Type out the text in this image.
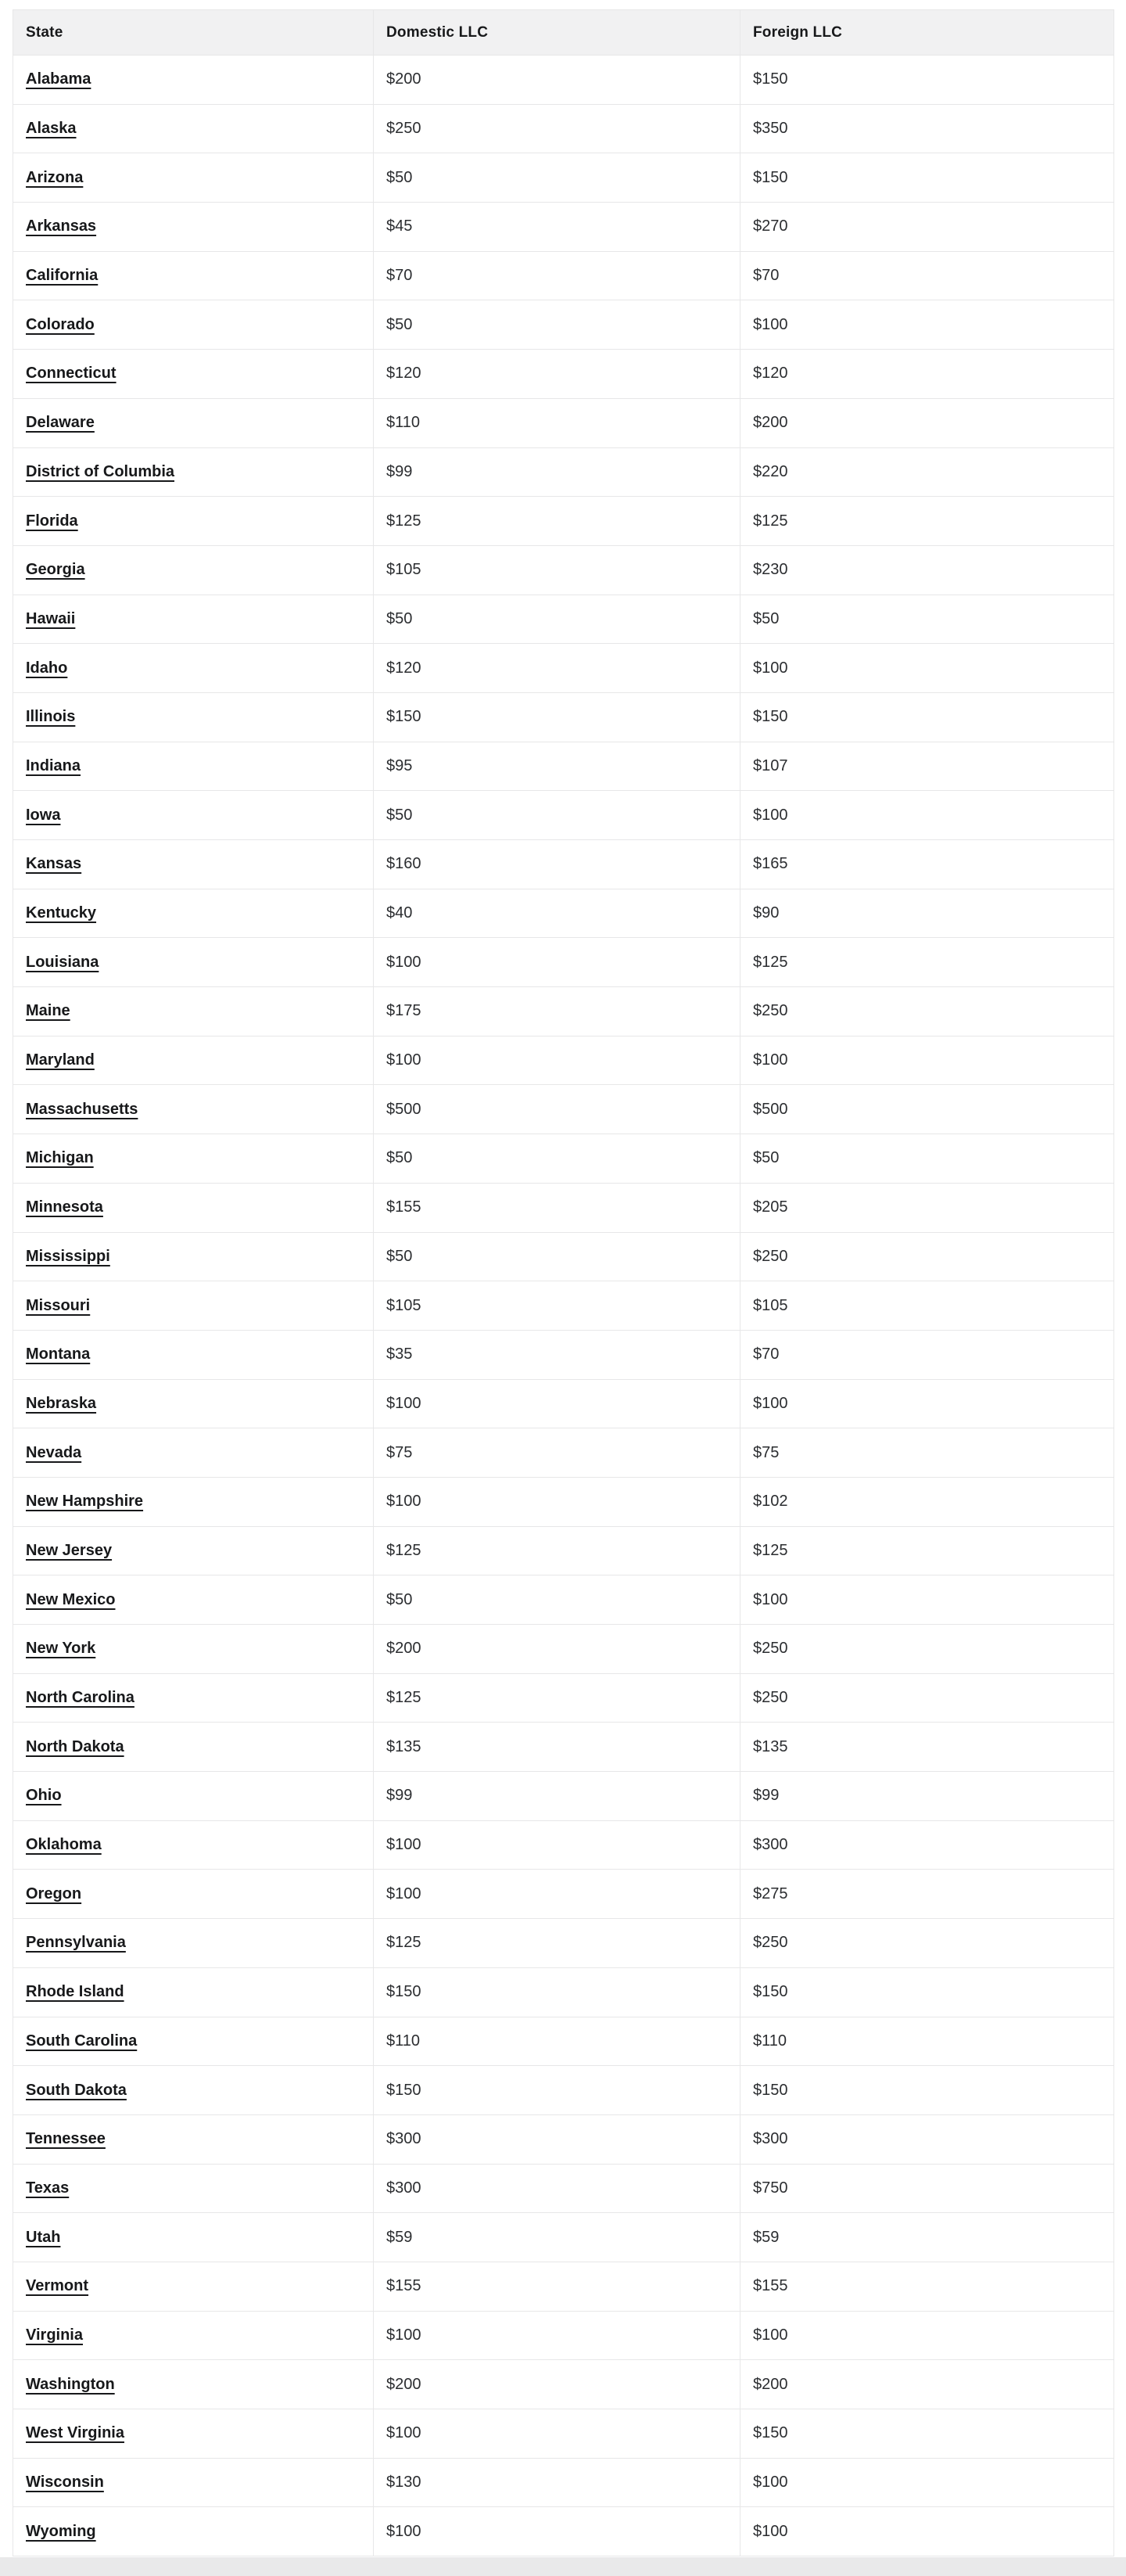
State	Domestic LLC	Foreign LLC
Alabama	$200	$150
Alaska	$250	$350
Arizona	$50	$150
Arkansas	$45	$270
California	$70	$70
Colorado	$50	$100
Connecticut	$120	$120
Delaware	$110	$200
District of Columbia	$99	$220
Florida	$125	$125
Georgia	$105	$230
Hawaii	$50	$50
Idaho	$120	$100
Illinois	$150	$150
Indiana	$95	$107
Iowa	$50	$100
Kansas	$160	$165
Kentucky	$40	$90
Louisiana	$100	$125
Maine	$175	$250
Maryland	$100	$100
Massachusetts	$500	$500
Michigan	$50	$50
Minnesota	$155	$205
Mississippi	$50	$250
Missouri	$105	$105
Montana	$35	$70
Nebraska	$100	$100
Nevada	$75	$75
New Hampshire	$100	$102
New Jersey	$125	$125
New Mexico	$50	$100
New York	$200	$250
North Carolina	$125	$250
North Dakota	$135	$135
Ohio	$99	$99
Oklahoma	$100	$300
Oregon	$100	$275
Pennsylvania	$125	$250
Rhode Island	$150	$150
South Carolina	$110	$110
South Dakota	$150	$150
Tennessee	$300	$300
Texas	$300	$750
Utah	$59	$59
Vermont	$155	$155
Virginia	$100	$100
Washington	$200	$200
West Virginia	$100	$150
Wisconsin	$130	$100
Wyoming	$100	$100
